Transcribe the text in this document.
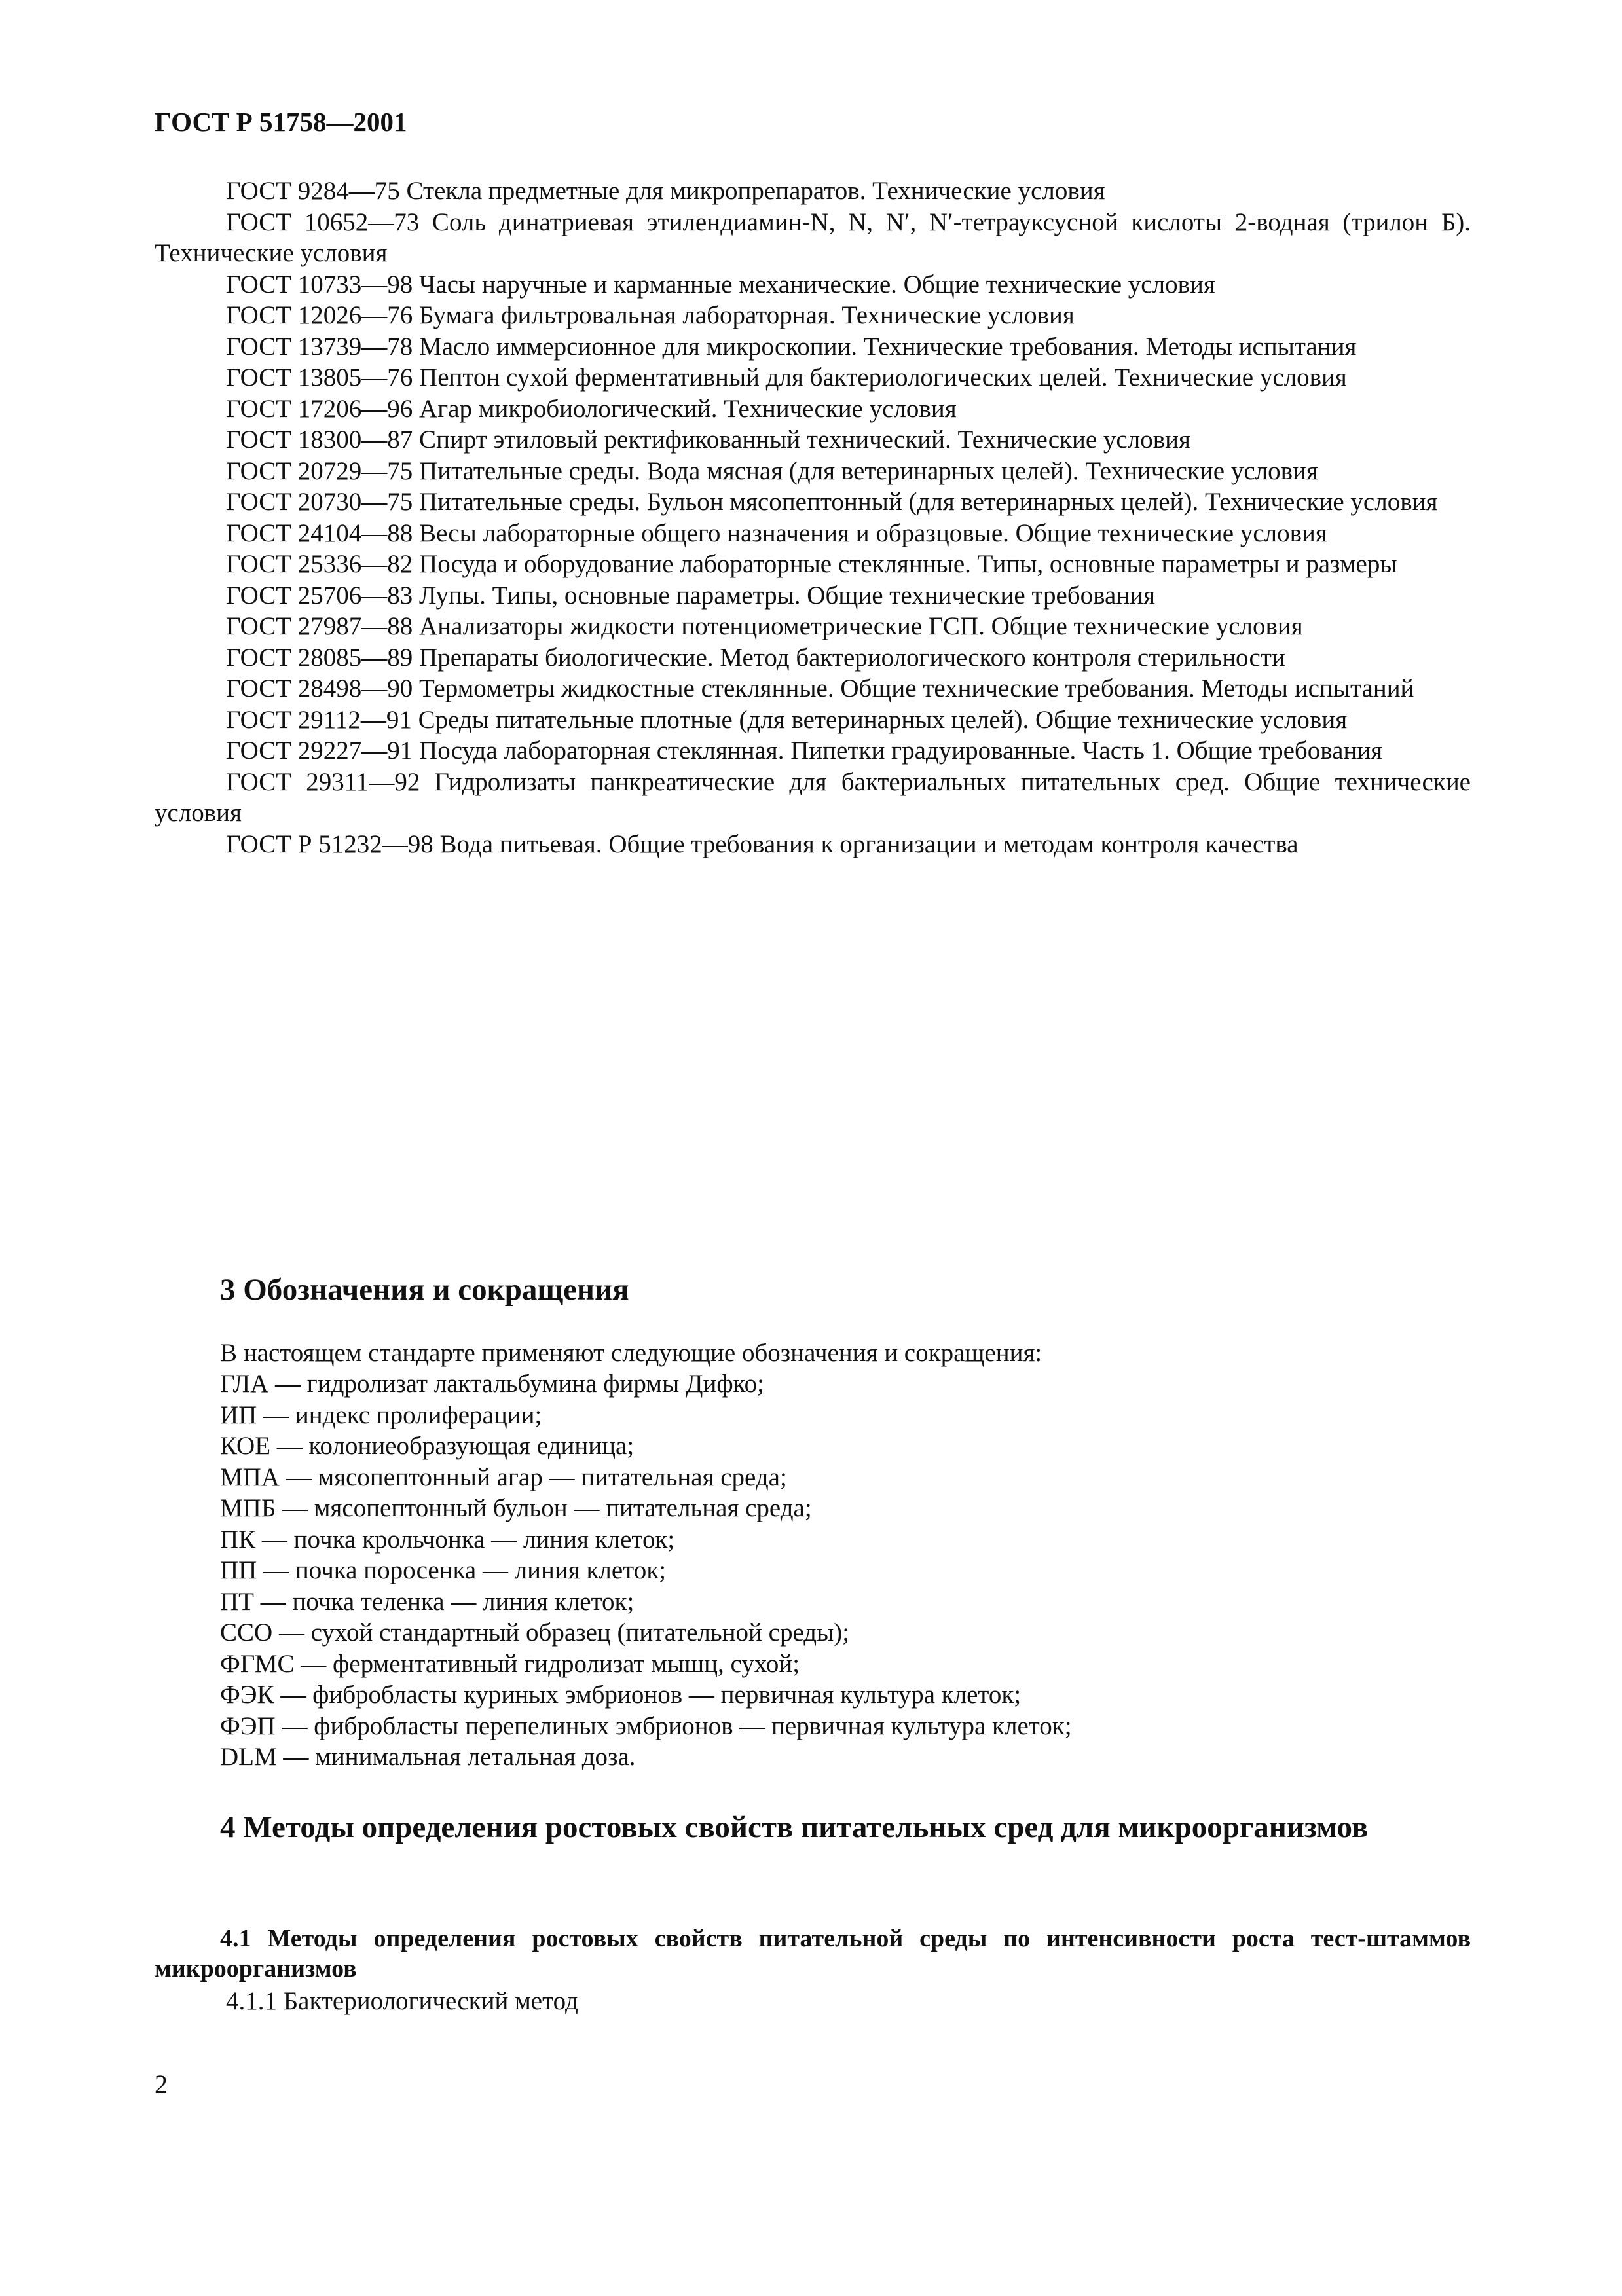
ГОСТ Р 51758—2001

ГОСТ 9284—75 Стекла предметные для микропрепаратов. Технические условия

ГОСТ 10652—73 Соль динатриевая этилендиамин-N, N, N′, N′-тетрауксусной кислоты 2-водная (трилон Б). Технические условия

ГОСТ 10733—98 Часы наручные и карманные механические. Общие технические условия

ГОСТ 12026—76 Бумага фильтровальная лабораторная. Технические условия

ГОСТ 13739—78 Масло иммерсионное для микроскопии. Технические требования. Методы испытания

ГОСТ 13805—76 Пептон сухой ферментативный для бактериологических целей. Технические условия

ГОСТ 17206—96 Агар микробиологический. Технические условия

ГОСТ 18300—87 Спирт этиловый ректификованный технический. Технические условия

ГОСТ 20729—75 Питательные среды. Вода мясная (для ветеринарных целей). Технические условия

ГОСТ 20730—75 Питательные среды. Бульон мясопептонный (для ветеринарных целей). Технические условия

ГОСТ 24104—88 Весы лабораторные общего назначения и образцовые. Общие технические условия

ГОСТ 25336—82 Посуда и оборудование лабораторные стеклянные. Типы, основные параметры и размеры

ГОСТ 25706—83 Лупы. Типы, основные параметры. Общие технические требования

ГОСТ 27987—88 Анализаторы жидкости потенциометрические ГСП. Общие технические условия

ГОСТ 28085—89 Препараты биологические. Метод бактериологического контроля стерильности

ГОСТ 28498—90 Термометры жидкостные стеклянные. Общие технические требования. Методы испытаний

ГОСТ 29112—91 Среды питательные плотные (для ветеринарных целей). Общие технические условия

ГОСТ 29227—91 Посуда лабораторная стеклянная. Пипетки градуированные. Часть 1. Общие требования

ГОСТ 29311—92 Гидролизаты панкреатические для бактериальных питательных сред. Общие технические условия

ГОСТ Р 51232—98 Вода питьевая. Общие требования к организации и методам контроля качества

3 Обозначения и сокращения

В настоящем стандарте применяют следующие обозначения и сокращения:

ГЛА — гидролизат лактальбумина фирмы Дифко;
ИП — индекс пролиферации;
КОЕ — колониеобразующая единица;
МПА — мясопептонный агар — питательная среда;
МПБ — мясопептонный бульон — питательная среда;
ПК — почка крольчонка — линия клеток;
ПП — почка поросенка — линия клеток;
ПТ — почка теленка — линия клеток;
ССО — сухой стандартный образец (питательной среды);
ФГМС — ферментативный гидролизат мышц, сухой;
ФЭК — фибробласты куриных эмбрионов — первичная культура клеток;
ФЭП — фибробласты перепелиных эмбрионов — первичная культура клеток;
DLM — минимальная летальная доза.
4 Методы определения ростовых свойств питательных сред для микроорганизмов

4.1 Методы определения ростовых свойств питательной среды по интенсивности роста тест-штаммов микроорганизмов

4.1.1 Бактериологический метод

2
